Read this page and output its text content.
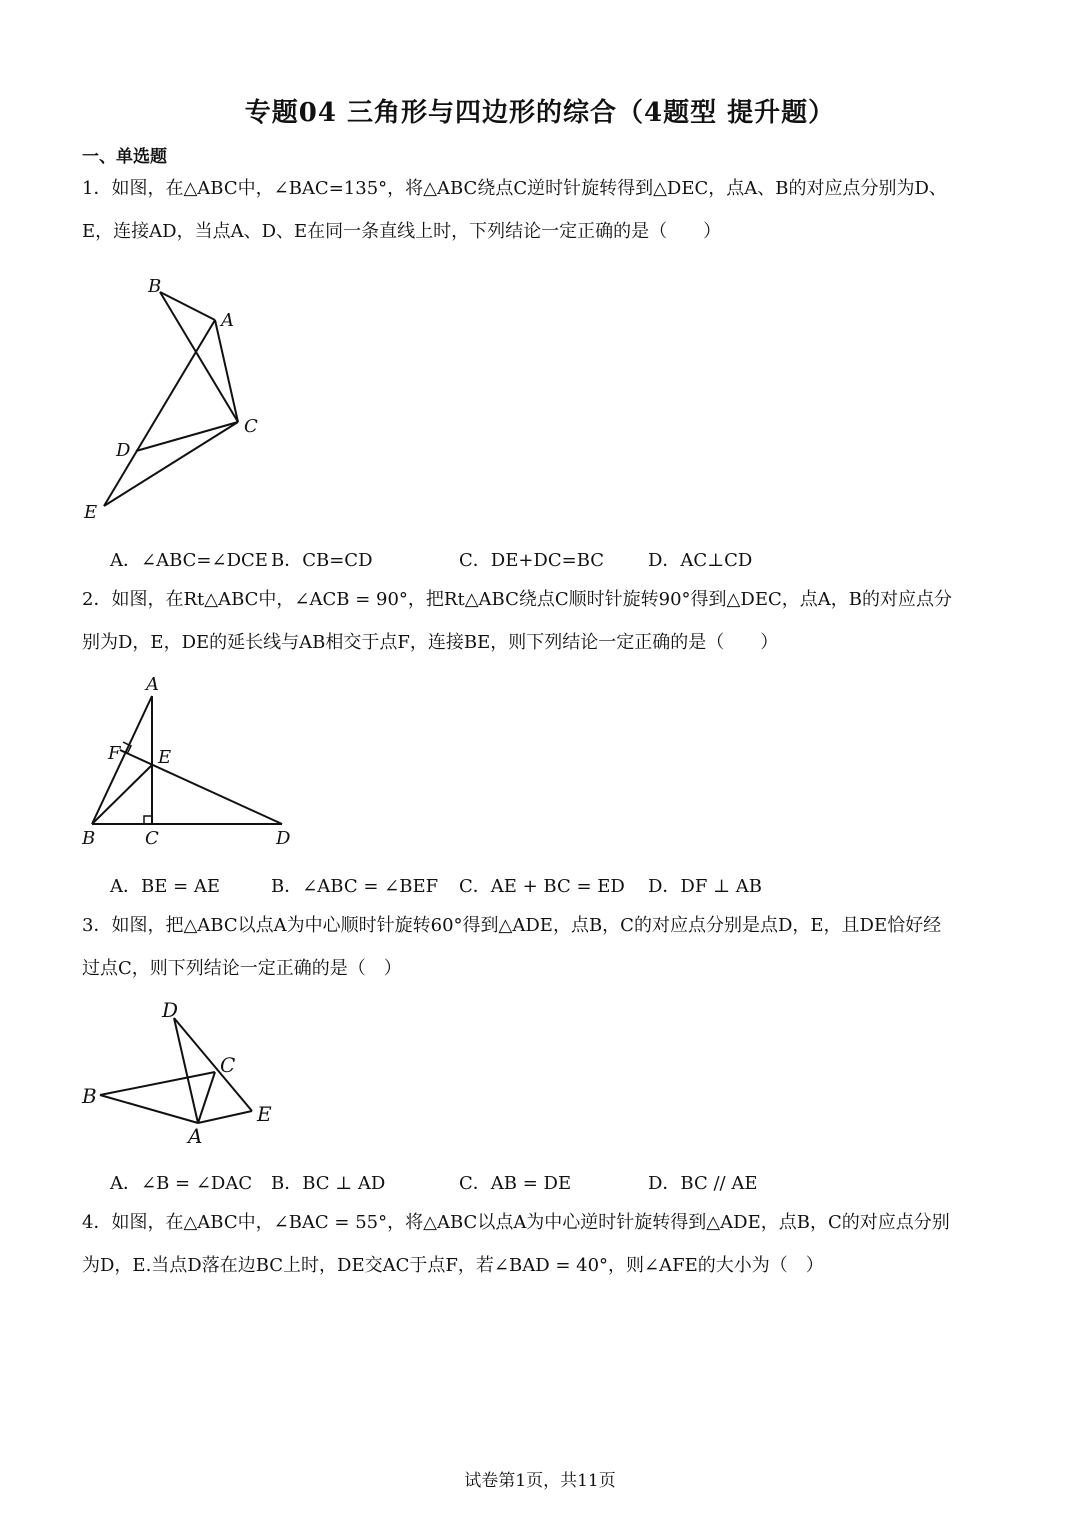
专题04 三角形与四边形的综合（4题型 提升题）
一、单选题
1．如图，在△ABC中，∠BAC=135°，将△ABC绕点C逆时针旋转得到△DEC，点A、B的对应点分别为D、
E，连接AD，当点A、D、E在同一条直线上时，下列结论一定正确的是（　　）
B
A
C
D
E
A．∠ABC=∠DCE B．CB=CD	C．DE+DC=BC D．AC⊥CD
2．如图，在Rt△ABC中，∠ACB = 90°，把Rt△ABC绕点C顺时针旋转90°得到△DEC，点A，B的对应点分
别为D，E，DE的延长线与AB相交于点F，连接BE，则下列结论一定正确的是（　　）
A
F E
B	C	D
A．BE = AE	B．∠ABC = ∠BEF C．AE + BC = ED D．DF ⊥ AB
3．如图，把△ABC以点A为中心顺时针旋转60°得到△ADE，点B，C的对应点分别是点D，E，且DE恰好经
过点C，则下列结论一定正确的是（　）
D
C
B
E
A
A．∠B = ∠DAC B．BC ⊥ AD	C．AB = DE	D．BC // AE
4．如图，在△ABC中，∠BAC = 55°，将△ABC以点A为中心逆时针旋转得到△ADE，点B，C的对应点分别
为D，E.当点D落在边BC上时，DE交AC于点F，若∠BAD = 40°，则∠AFE的大小为（　）
试卷第1页，共11页
